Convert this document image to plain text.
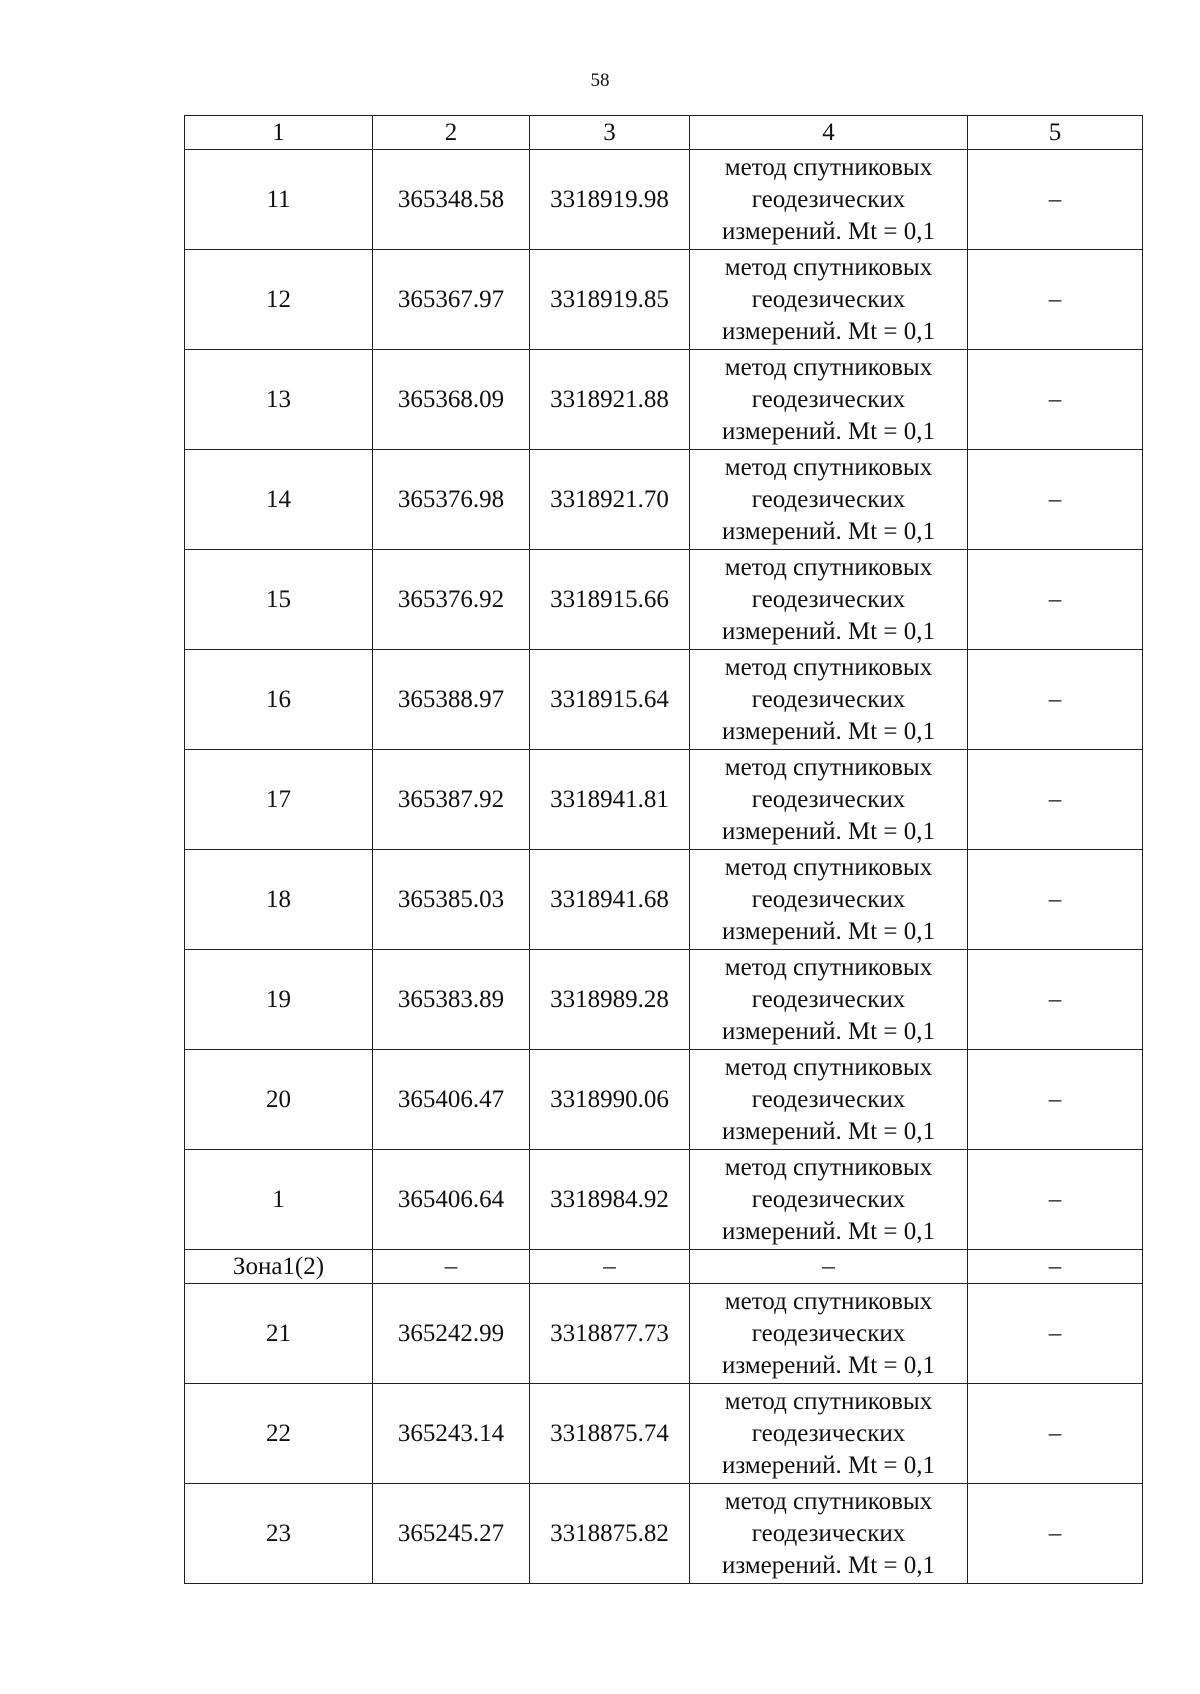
58
1	2	3	4	5
11	365348.58	3318919.98	метод спутниковых геодезических измерений. Mt = 0,1	–
12	365367.97	3318919.85	метод спутниковых геодезических измерений. Mt = 0,1	–
13	365368.09	3318921.88	метод спутниковых геодезических измерений. Mt = 0,1	–
14	365376.98	3318921.70	метод спутниковых геодезических измерений. Mt = 0,1	–
15	365376.92	3318915.66	метод спутниковых геодезических измерений. Mt = 0,1	–
16	365388.97	3318915.64	метод спутниковых геодезических измерений. Mt = 0,1	–
17	365387.92	3318941.81	метод спутниковых геодезических измерений. Mt = 0,1	–
18	365385.03	3318941.68	метод спутниковых геодезических измерений. Mt = 0,1	–
19	365383.89	3318989.28	метод спутниковых геодезических измерений. Mt = 0,1	–
20	365406.47	3318990.06	метод спутниковых геодезических измерений. Mt = 0,1	–
1	365406.64	3318984.92	метод спутниковых геодезических измерений. Mt = 0,1	–
Зона1(2)	–	–	–	–
21	365242.99	3318877.73	метод спутниковых геодезических измерений. Mt = 0,1	–
22	365243.14	3318875.74	метод спутниковых геодезических измерений. Mt = 0,1	–
23	365245.27	3318875.82	метод спутниковых геодезических измерений. Mt = 0,1	–
